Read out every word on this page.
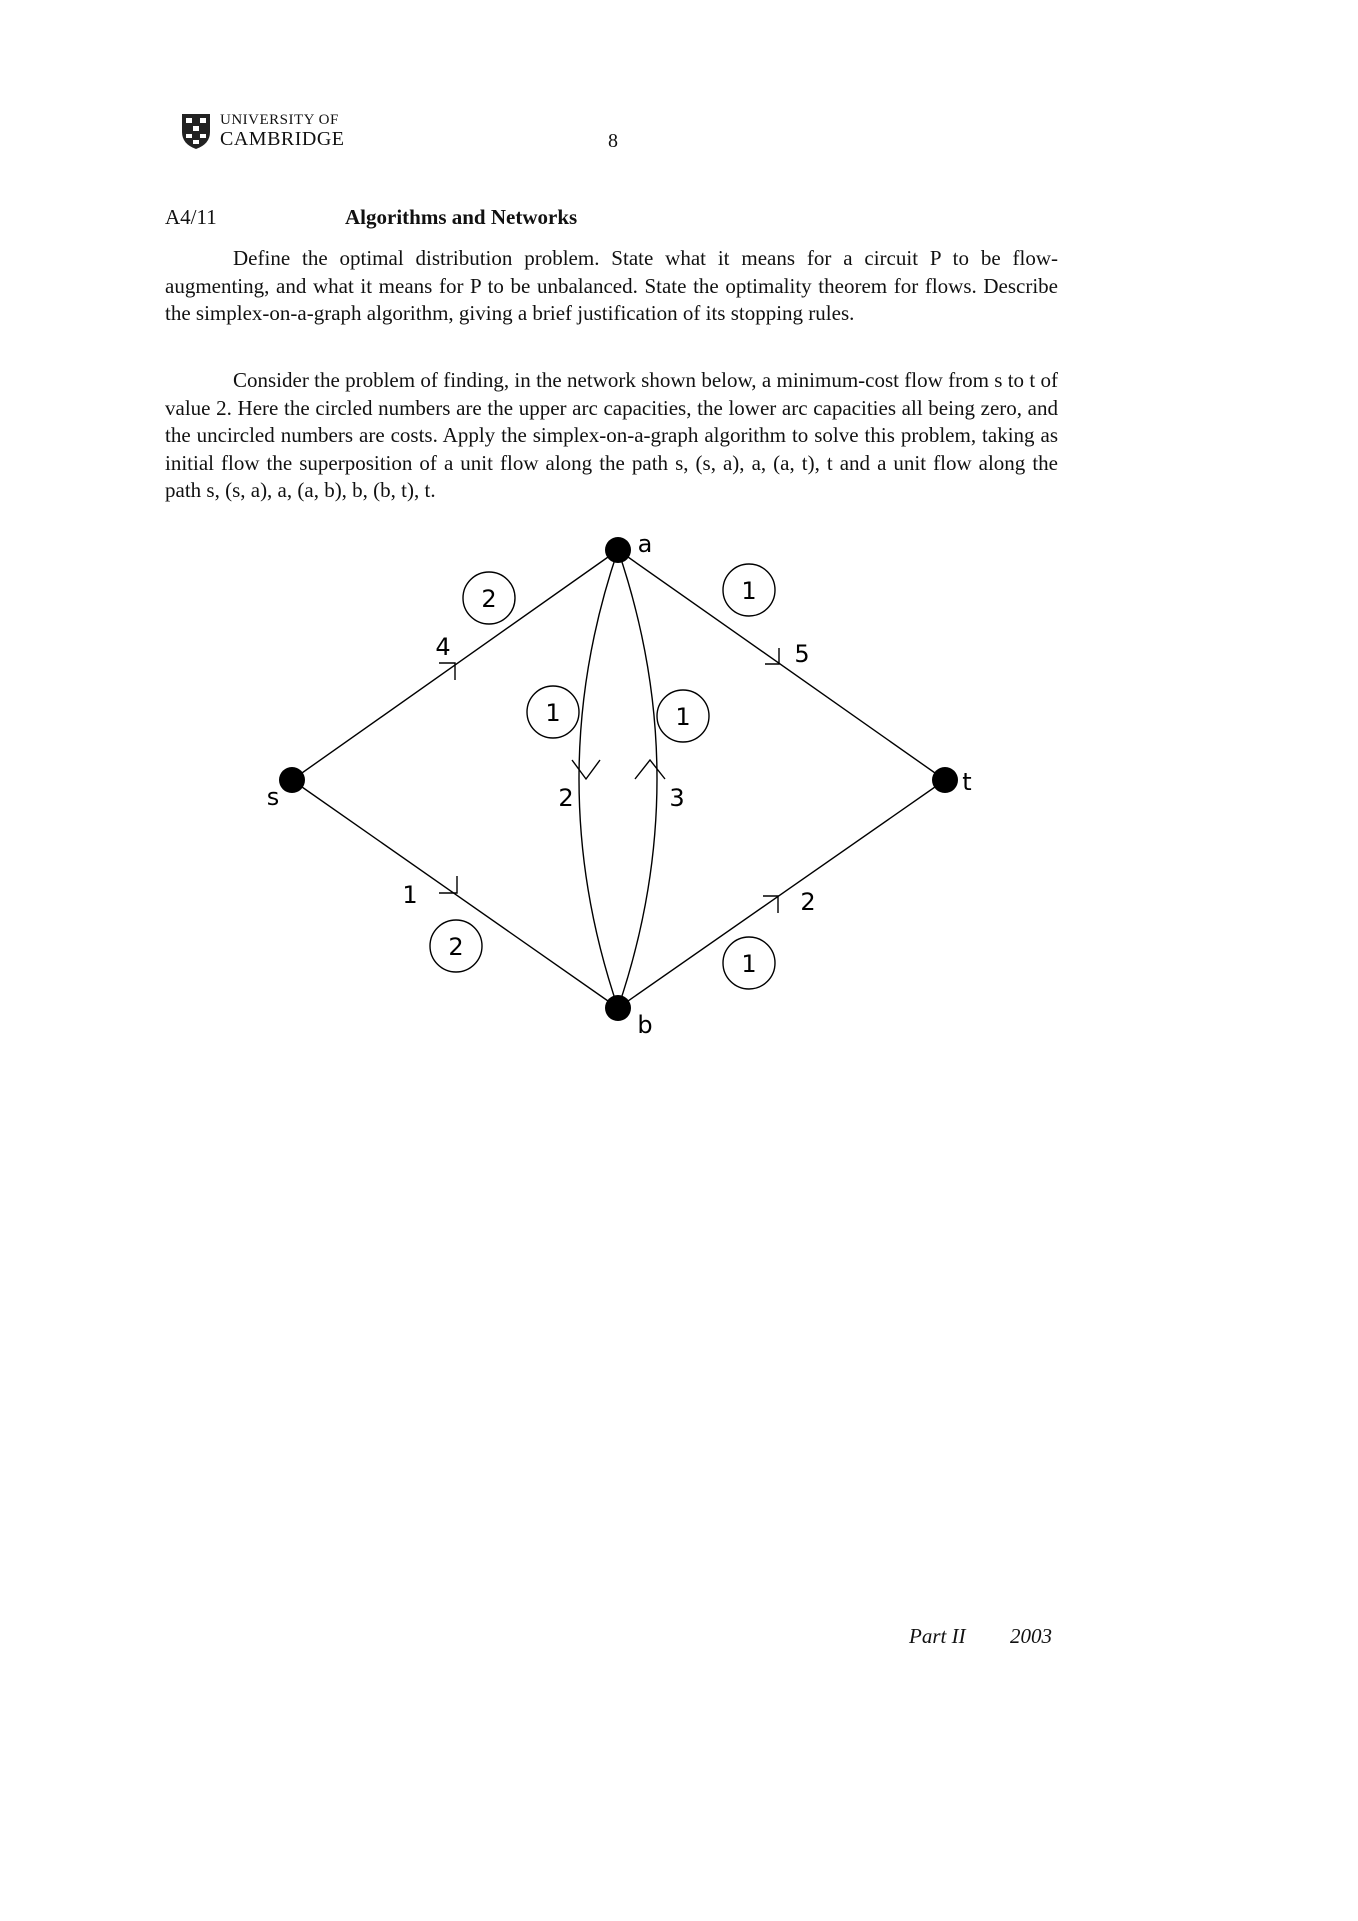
UNIVERSITY OF
CAMBRIDGE	8
A4/11	Algorithms and Networks

Define the optimal distribution problem. State what it means for a circuit P to be flow-augmenting, and what it means for P to be unbalanced. State the optimality theorem for flows. Describe the simplex-on-a-graph algorithm, giving a brief justification of its stopping rules.

Consider the problem of finding, in the network shown below, a minimum-cost flow from s to t of value 2. Here the circled numbers are the upper arc capacities, the lower arc capacities all being zero, and the uncircled numbers are costs. Apply the simplex-on-a-graph algorithm to solve this problem, taking as initial flow the superposition of a unit flow along the path s, (s, a), a, (a, t), t and a unit flow along the path s, (s, a), a, (a, b), b, (b, t), t.

s
a
b
t
2	1
1	1
2
1
4	5
2	3
1	2
Part II 2003
